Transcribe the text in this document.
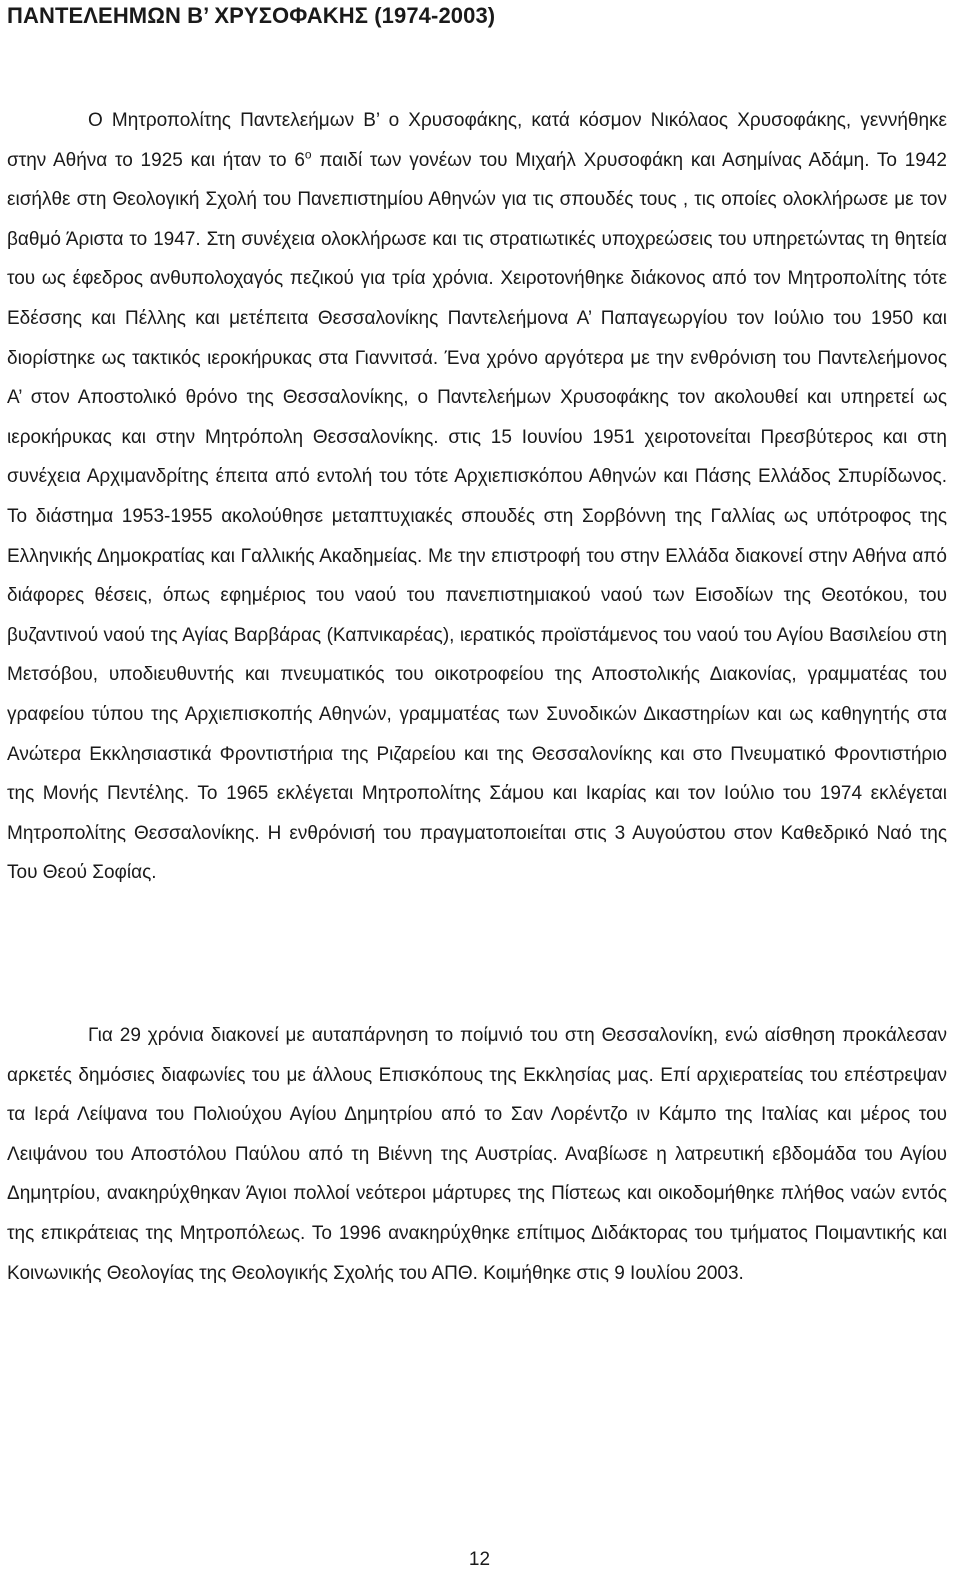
ΠΑΝΤΕΛΕΗΜΩΝ Β’ ΧΡΥΣΟΦΑΚΗΣ (1974-2003)

Ο Μητροπολίτης Παντελεήμων Β’ ο Χρυσοφάκης, κατά κόσμον Νικόλαος Χρυσοφάκης, γεννήθηκε στην Αθήνα το 1925 και ήταν το $6^o$ παιδί των γονέων του Μιχαήλ Χρυσοφάκη και Ασημίνας Αδάμη. Το 1942 εισήλθε στη Θεολογική Σχολή του Πανεπιστημίου Αθηνών για τις σπουδές τους , τις οποίες ολοκλήρωσε με τον βαθμό Άριστα το 1947. Στη συνέχεια ολοκλήρωσε και τις στρατιωτικές υποχρεώσεις του υπηρετώντας τη θητεία του ως έφεδρος ανθυπολοχαγός πεζικού για τρία χρόνια. Χειροτονήθηκε διάκονος από τον Μητροπολίτης τότε Εδέσσης και Πέλλης και μετέπειτα Θεσσαλονίκης Παντελεήμονα Α’ Παπαγεωργίου τον Ιούλιο του 1950 και διορίστηκε ως τακτικός ιεροκήρυκας στα Γιαννιτσά. Ένα χρόνο αργότερα με την ενθρόνιση του Παντελεήμονος Α’ στον Αποστολικό θρόνο της Θεσσαλονίκης, ο Παντελεήμων Χρυσοφάκης τον ακολουθεί και υπηρετεί ως ιεροκήρυκας και στην Μητρόπολη Θεσσαλονίκης. στις 15 Ιουνίου 1951 χειροτονείται Πρεσβύτερος και στη συνέχεια Αρχιμανδρίτης έπειτα από εντολή του τότε Αρχιεπισκόπου Αθηνών και Πάσης Ελλάδος Σπυρίδωνος. Το διάστημα 1953-1955 ακολούθησε μεταπτυχιακές σπουδές στη Σορβόννη της Γαλλίας ως υπότροφος της Ελληνικής Δημοκρατίας και Γαλλικής Ακαδημείας. Με την επιστροφή του στην Ελλάδα διακονεί στην Αθήνα από διάφορες θέσεις, όπως εφημέριος του ναού του πανεπιστημιακού ναού των Εισοδίων της Θεοτόκου, του βυζαντινού ναού της Αγίας Βαρβάρας (Καπνικαρέας), ιερατικός προϊστάμενος του ναού του Αγίου Βασιλείου στη Μετσόβου, υποδιευθυντής και πνευματικός του οικοτροφείου της Αποστολικής Διακονίας, γραμματέας του γραφείου τύπου της Αρχιεπισκοπής Αθηνών, γραμματέας των Συνοδικών Δικαστηρίων και ως καθηγητής στα Ανώτερα Εκκλησιαστικά Φροντιστήρια της Ριζαρείου και της Θεσσαλονίκης και στο Πνευματικό Φροντιστήριο της Μονής Πεντέλης. Το 1965 εκλέγεται Μητροπολίτης Σάμου και Ικαρίας και τον Ιούλιο του 1974 εκλέγεται Μητροπολίτης Θεσσαλονίκης. Η ενθρόνισή του πραγματοποιείται στις 3 Αυγούστου στον Καθεδρικό Ναό της Του Θεού Σοφίας.

Για 29 χρόνια διακονεί με αυταπάρνηση το ποίμνιό του στη Θεσσαλονίκη, ενώ αίσθηση προκάλεσαν αρκετές δημόσιες διαφωνίες του με άλλους Επισκόπους της Εκκλησίας μας. Επί αρχιερατείας του επέστρεψαν τα Ιερά Λείψανα του Πολιούχου Αγίου Δημητρίου από το Σαν Λορέντζο ιν Κάμπο της Ιταλίας και μέρος του Λειψάνου του Αποστόλου Παύλου από τη Βιέννη της Αυστρίας. Αναβίωσε η λατρευτική εβδομάδα του Αγίου Δημητρίου, ανακηρύχθηκαν Άγιοι πολλοί νεότεροι μάρτυρες της Πίστεως και οικοδομήθηκε πλήθος ναών εντός της επικράτειας της Μητροπόλεως. Το 1996 ανακηρύχθηκε επίτιμος Διδάκτορας του τμήματος Ποιμαντικής και Κοινωνικής Θεολογίας της Θεολογικής Σχολής του ΑΠΘ. Κοιμήθηκε στις 9 Ιουλίου 2003.

12
